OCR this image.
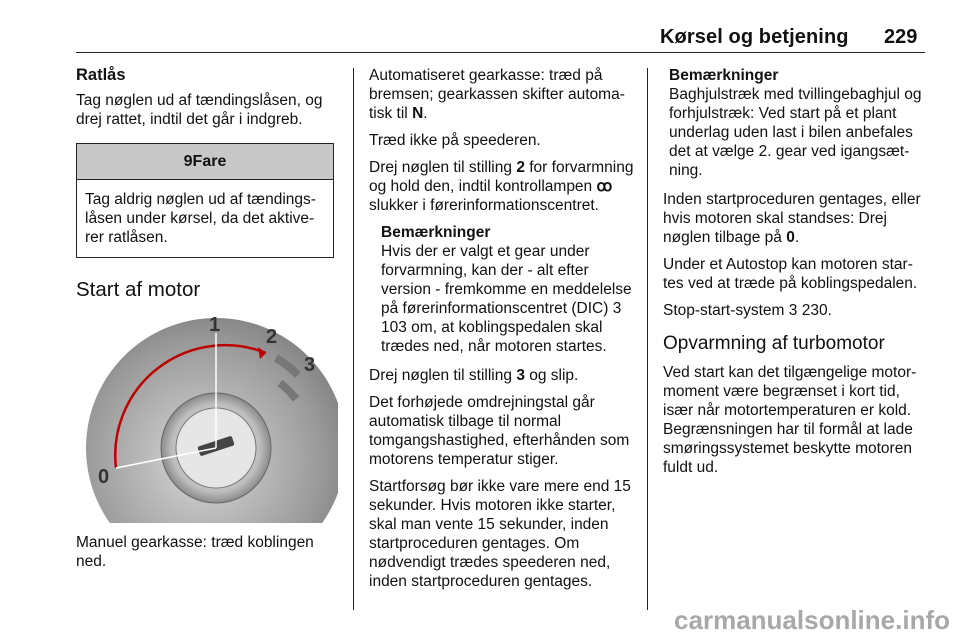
Kørsel og betjening 229
Ratlås

Tag nøglen ud af tændingslåsen, og drej rattet, indtil det går i indgreb.

9Fare
Tag aldrig nøglen ud af tændingslåsen under kørsel, da det aktiverer ratlåsen.
Start af motor
1
2
3
0

Manuel gearkasse: træd koblingen ned.

Automatiseret gearkasse: træd på bremsen; gearkassen skifter automatisk til N.

Træd ikke på speederen.

Drej nøglen til stilling 2 for forvarmning og hold den, indtil kontrollampen ꝏ slukker i førerinformationscentret.

Bemærkninger
Hvis der er valgt et gear under forvarmning, kan der - alt efter version - fremkomme en meddelelse på førerinformationscentret (DIC) 3 103 om, at koblingspedalen skal trædes ned, når motoren startes.

Drej nøglen til stilling 3 og slip.

Det forhøjede omdrejningstal går automatisk tilbage til normal tomgangshastighed, efterhånden som motorens temperatur stiger.

Startforsøg bør ikke vare mere end 15 sekunder. Hvis motoren ikke starter, skal man vente 15 sekunder, inden startproceduren gentages. Om nødvendigt trædes speederen ned, inden startproceduren gentages.

Bemærkninger
Baghjulstræk med tvillingebaghjul og forhjulstræk: Ved start på et plant underlag uden last i bilen anbefales det at vælge 2. gear ved igangsætning.

Inden startproceduren gentages, eller hvis motoren skal standses: Drej nøglen tilbage på 0.

Under et Autostop kan motoren startes ved at træde på koblingspedalen.

Stop-start-system 3 230.

Opvarmning af turbomotor

Ved start kan det tilgængelige motormoment være begrænset i kort tid, især når motortemperaturen er kold. Begrænsningen har til formål at lade smøringssystemet beskytte motoren fuldt ud.

carmanualsonline.info
